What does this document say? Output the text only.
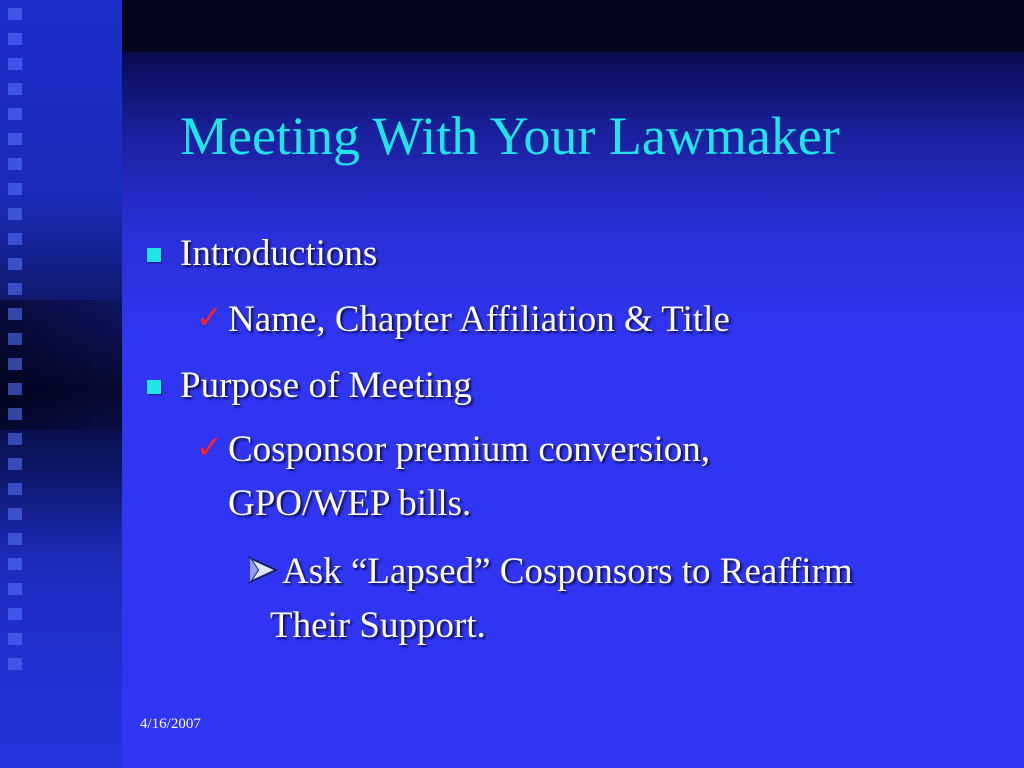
Meeting With Your Lawmaker
Introductions
✓ Name, Chapter Affiliation & Title
Purpose of Meeting
✓ Cosponsor premium conversion,
GPO/WEP bills.
Ask “Lapsed” Cosponsors to Reaffirm
Their Support.
4/16/2007
